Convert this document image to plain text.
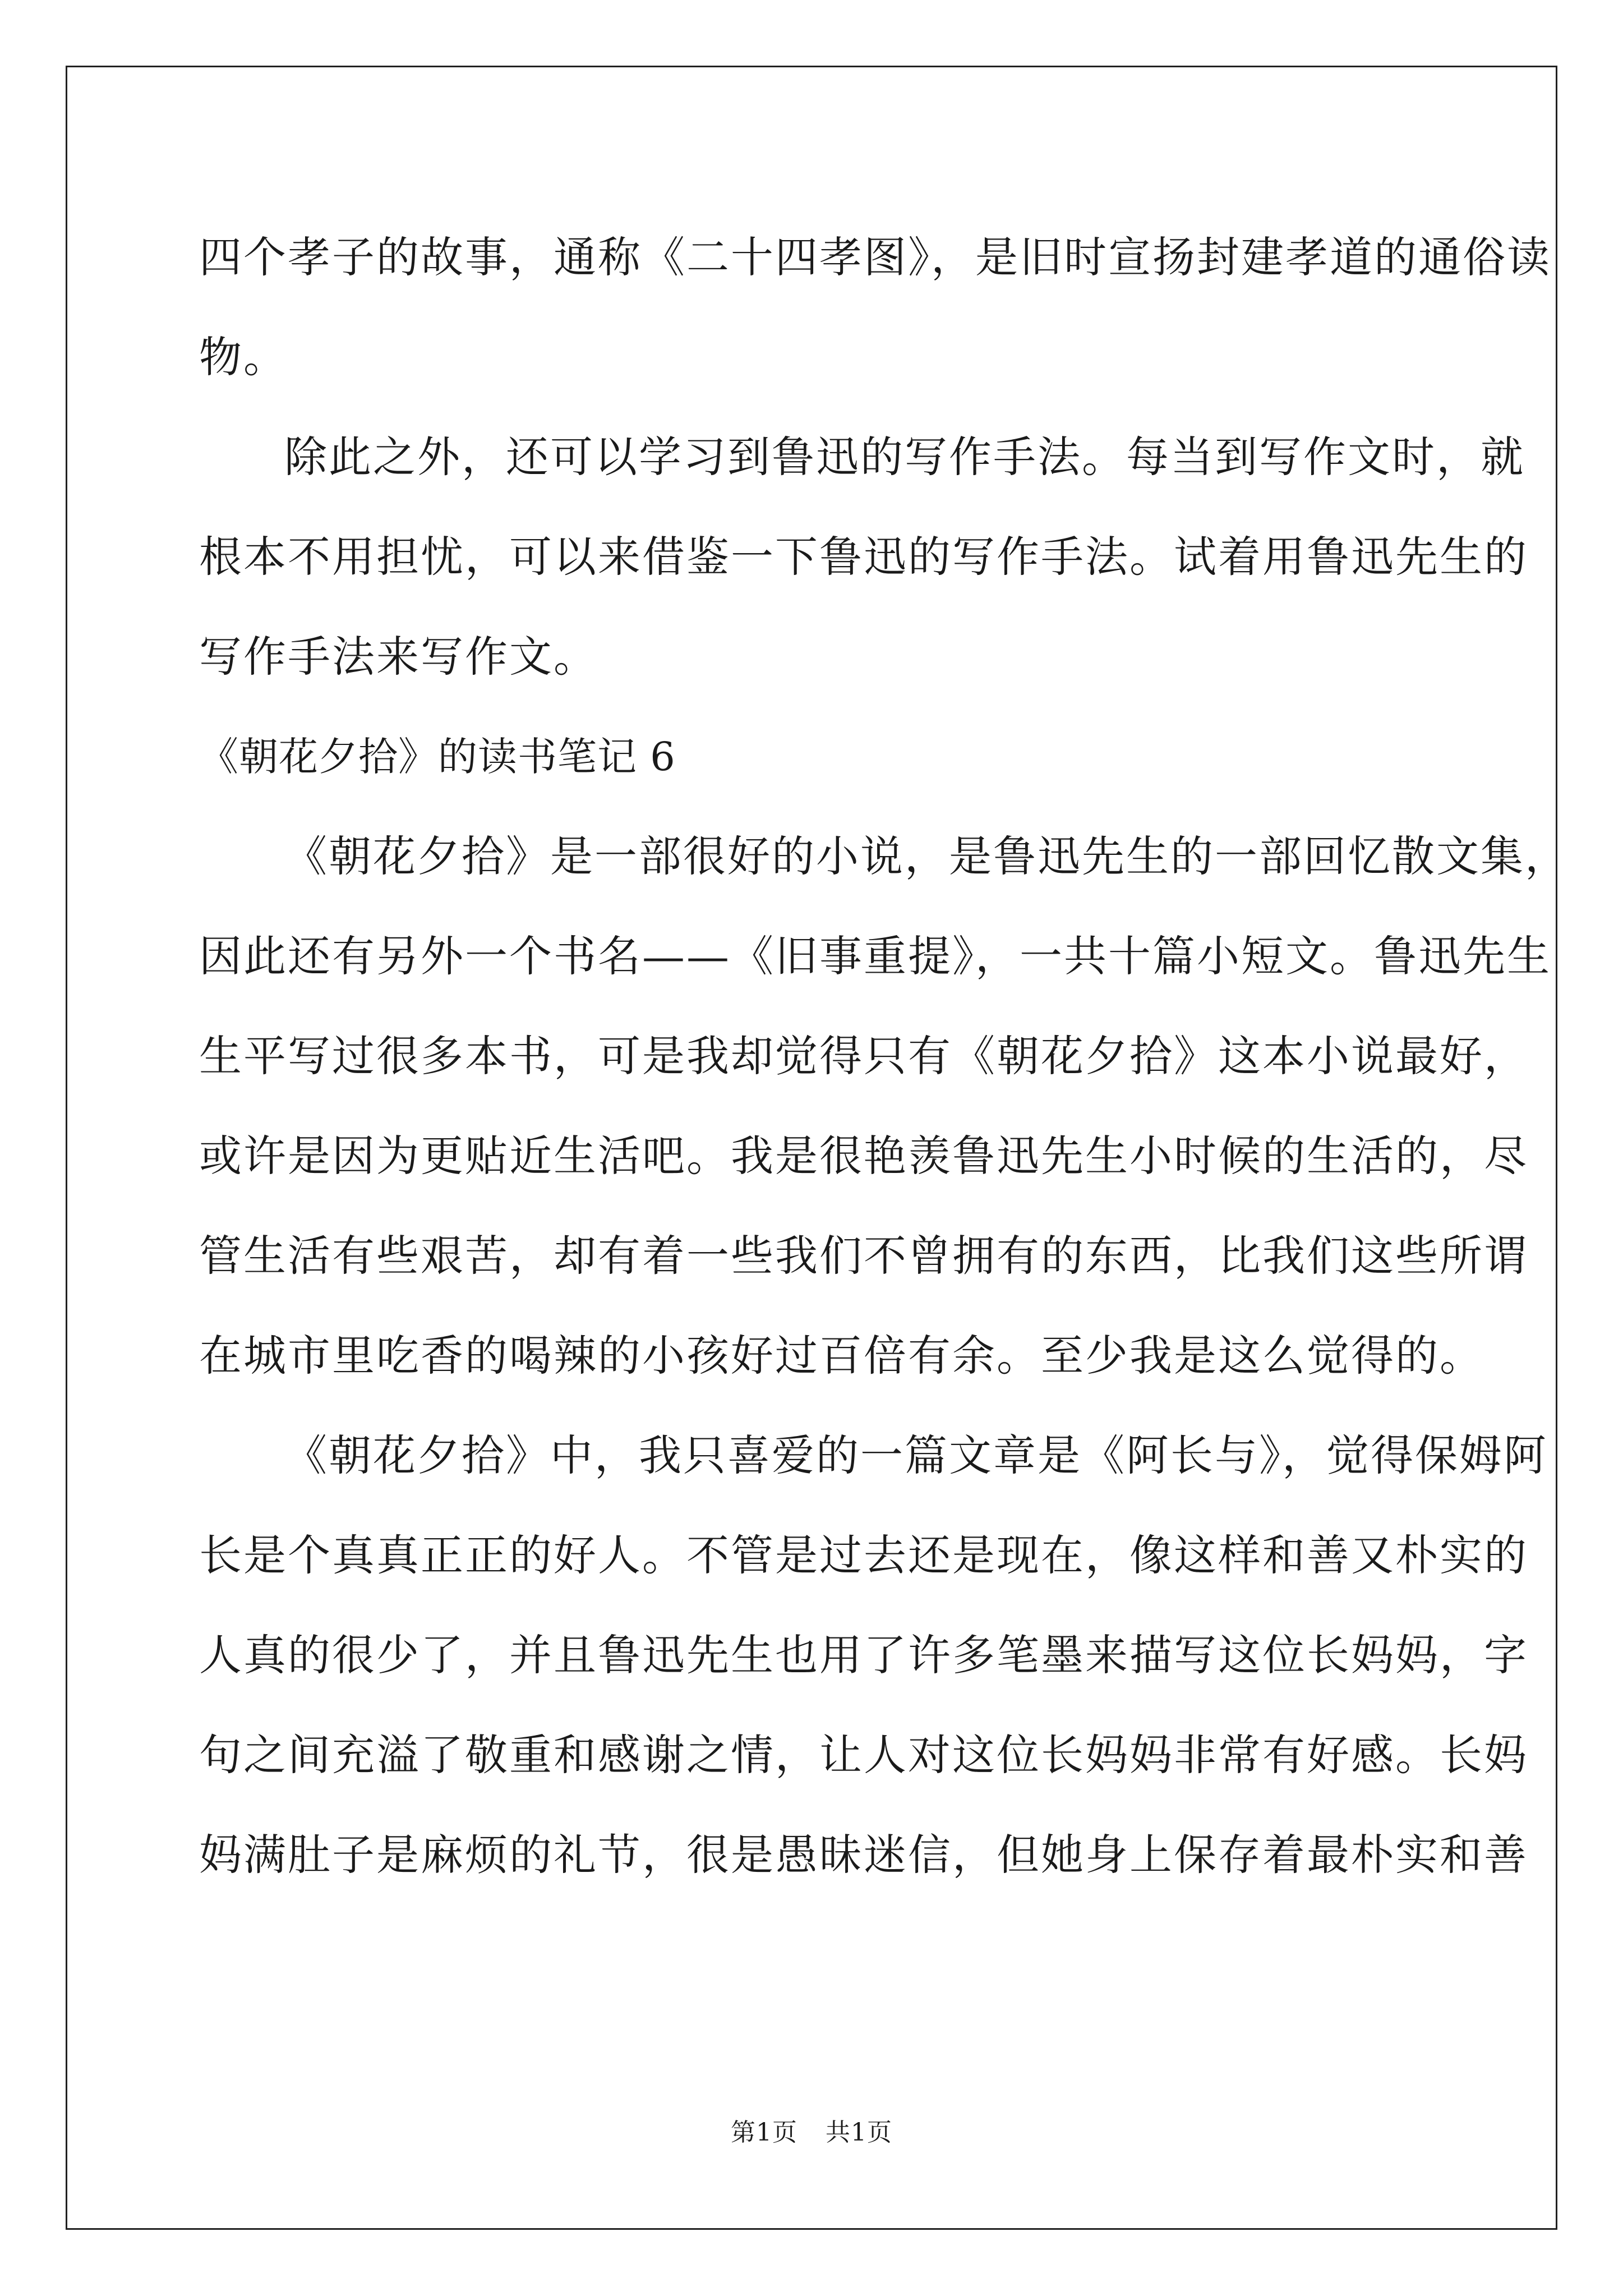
四个孝子的故事，通称《二十四孝图》，是旧时宣扬封建孝道的通俗读
物。
除此之外，还可以学习到鲁迅的写作手法。每当到写作文时，就
根本不用担忧，可以来借鉴一下鲁迅的写作手法。试着用鲁迅先生的
写作手法来写作文。
《朝花夕拾》的读书笔记 6
《朝花夕拾》是一部很好的小说，是鲁迅先生的一部回忆散文集，
因此还有另外一个书名——《旧事重提》，一共十篇小短文。鲁迅先生
生平写过很多本书，可是我却觉得只有《朝花夕拾》这本小说最好，
或许是因为更贴近生活吧。我是很艳羡鲁迅先生小时候的生活的，尽
管生活有些艰苦，却有着一些我们不曾拥有的东西，比我们这些所谓
在城市里吃香的喝辣的小孩好过百倍有余。至少我是这么觉得的。
《朝花夕拾》中，我只喜爱的一篇文章是《阿长与》，觉得保姆阿
长是个真真正正的好人。不管是过去还是现在，像这样和善又朴实的
人真的很少了，并且鲁迅先生也用了许多笔墨来描写这位长妈妈，字
句之间充溢了敬重和感谢之情，让人对这位长妈妈非常有好感。长妈
妈满肚子是麻烦的礼节，很是愚昧迷信，但她身上保存着最朴实和善
第1页 共1页
